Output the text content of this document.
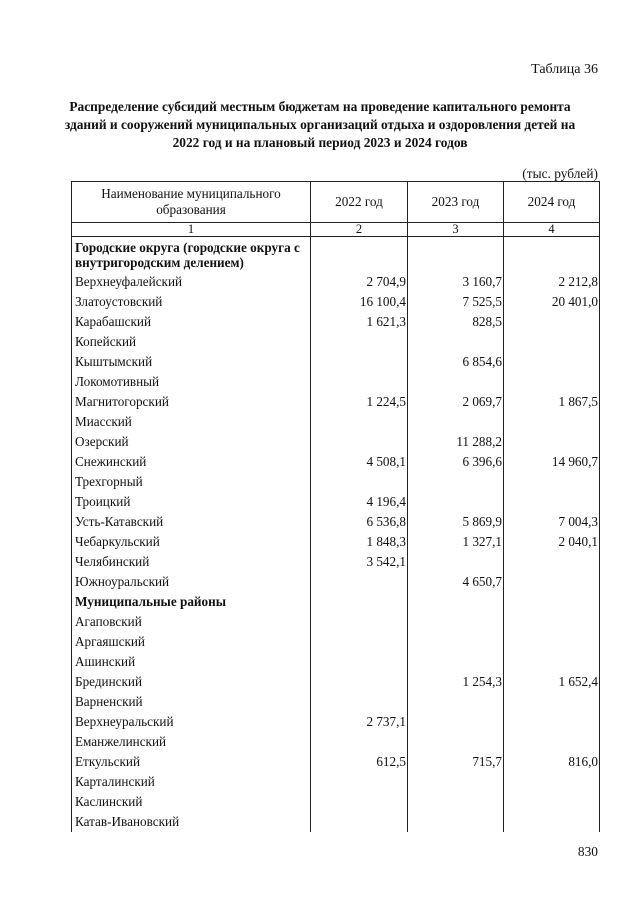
Таблица 36
Распределение субсидий местным бюджетам на проведение капитального ремонта зданий и сооружений муниципальных организаций отдыха и оздоровления детей на 2022 год и на плановый период 2023 и 2024 годов
(тыс. рублей)
Наименование муниципального образования	2022 год	2023 год	2024 год
1	2	3	4
Городские округа (городские округа с внутригородским делением)			
Верхнеуфалейский	2 704,9	3 160,7	2 212,8
Златоустовский	16 100,4	7 525,5	20 401,0
Карабашский	1 621,3	828,5	
Копейский			
Кыштымский		6 854,6	
Локомотивный			
Магнитогорский	1 224,5	2 069,7	1 867,5
Миасский			
Озерский		11 288,2	
Снежинский	4 508,1	6 396,6	14 960,7
Трехгорный			
Троицкий	4 196,4		
Усть-Катавский	6 536,8	5 869,9	7 004,3
Чебаркульский	1 848,3	1 327,1	2 040,1
Челябинский	3 542,1		
Южноуральский		4 650,7	
Муниципальные районы			
Агаповский			
Аргаяшский			
Ашинский			
Брединский		1 254,3	1 652,4
Варненский			
Верхнеуральский	2 737,1		
Еманжелинский			
Еткульский	612,5	715,7	816,0
Карталинский			
Каслинский			
Катав-Ивановский			
830
